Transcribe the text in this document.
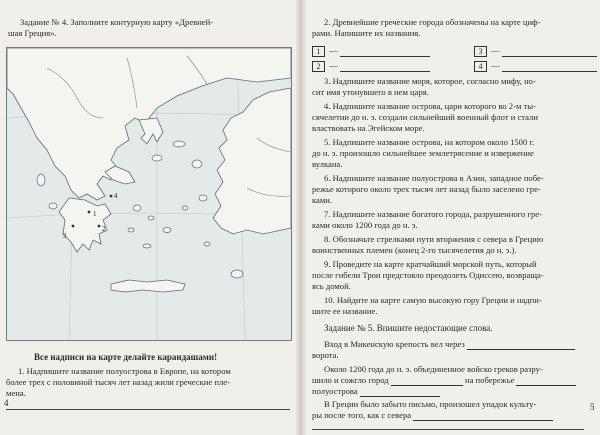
Задание № 4. Заполните контурную карту «Древней-
шая Греция».
4
1
3
2
Все надписи на карте делайте карандашами!
1. Надпишите название полуострова в Европе, на котором
более трех с половиной тысяч лет назад жили греческие пле-
мена.
4
2. Древнейшие греческие города обозначены на карте циф-
рами. Напишите их названия.
1 —	3 —
2 —	4 —
3. Надпишите название моря, которое, согласно мифу, но-
сит имя утонувшего в нем царя.
4. Надпишите название острова, цари которого во 2-м ты-
сячелетии до н. э. создали сильнейший военный флот и стали
властвовать на Эгейском море.
5. Надпишите название острова, на котором около 1500 г.
до н. э. произошло сильнейшее землетрясение и извержение
вулкана.
6. Надпишите название полуострова в Азии, западное побе-
режье которого около трех тысяч лет назад было заселено гре-
ками.
7. Надпишите название богатого города, разрушенного гре-
ками около 1200 года до н. э.
8. Обозначьте стрелками пути вторжения с севера в Грецию
воинственных племен (конец 2-го тысячелетия до н. э.).
9. Проведите на карте кратчайший морской путь, который
после гибели Трои предстояло преодолеть Одиссею, возвраща-
ясь домой.
10. Найдите на карте самую высокую гору Греции и надпи-
шите ее название.
Задание № 5. Впишите недостающие слова.
Вход в Микенскую крепость вел через
ворота.
Около 1200 года до н. э. объединенное войско греков разру-
шило и сожгло город	на побережье
полуострова
В Греции было забыто письмо, произошел упадок культу-
ры после того, как с севера
5
